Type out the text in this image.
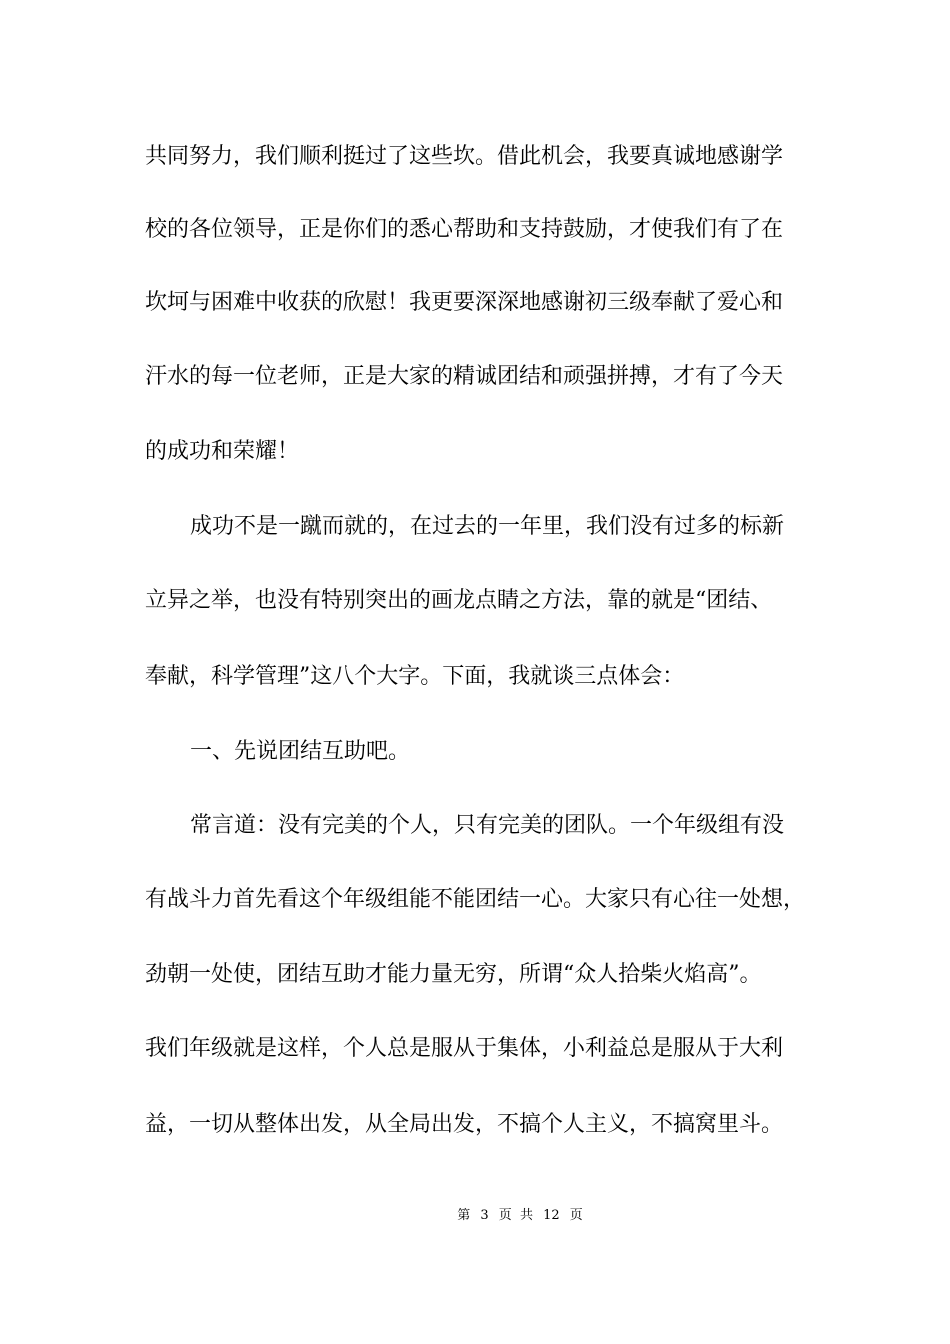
共同努力，我们顺利挺过了这些坎。借此机会，我要真诚地感谢学
校的各位领导，正是你们的悉心帮助和支持鼓励，才使我们有了在
坎坷与困难中收获的欣慰！我更要深深地感谢初三级奉献了爱心和
汗水的每一位老师，正是大家的精诚团结和顽强拼搏，才有了今天
的成功和荣耀！
成功不是一蹴而就的，在过去的一年里，我们没有过多的标新
立异之举，也没有特别突出的画龙点睛之方法，靠的就是“团结、
奉献，科学管理”这八个大字。下面，我就谈三点体会：
一、先说团结互助吧。
常言道：没有完美的个人，只有完美的团队。一个年级组有没
有战斗力首先看这个年级组能不能团结一心。大家只有心往一处想，
劲朝一处使，团结互助才能力量无穷，所谓“众人拾柴火焰高”。
我们年级就是这样，个人总是服从于集体，小利益总是服从于大利
益，一切从整体出发，从全局出发，不搞个人主义，不搞窝里斗。
第 3 页 共 12 页
